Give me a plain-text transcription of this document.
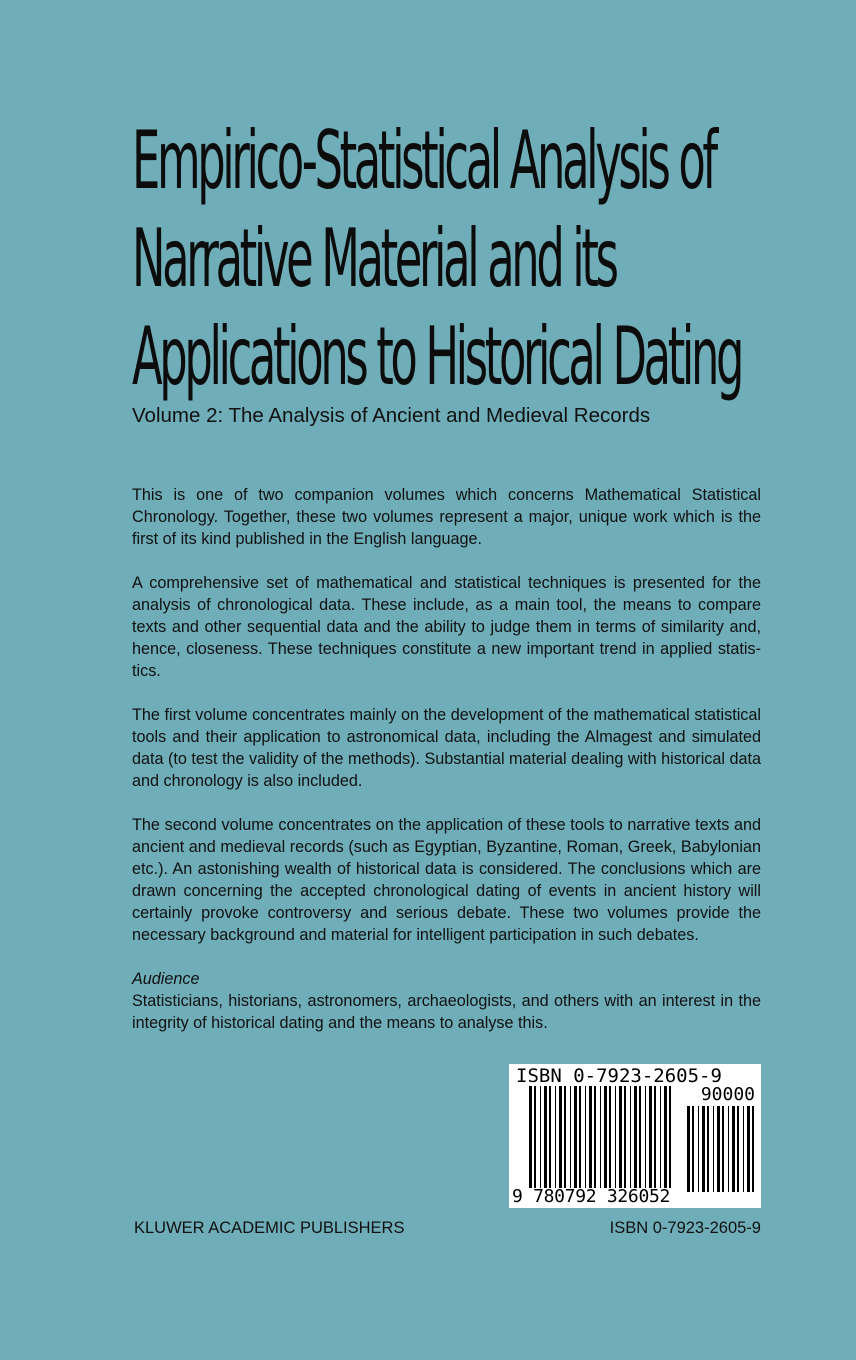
Empirico-Statistical Analysis of
Narrative Material and its
Applications to Historical Dating

Volume 2: The Analysis of Ancient and Medieval Records

This is one of two companion volumes which concerns Mathematical Statistical Chronology. Together, these two volumes represent a major, unique work which is the first of its kind published in the English language.

A comprehensive set of mathematical and statistical techniques is presented for the analysis of chronological data. These include, as a main tool, the means to compare texts and other sequential data and the ability to judge them in terms of similarity and, hence, closeness. These techniques constitute a new important trend in applied statistics.

The first volume concentrates mainly on the development of the mathematical statistical tools and their application to astronomical data, including the Almagest and simulated data (to test the validity of the methods). Substantial material dealing with historical data and chronology is also included.

The second volume concentrates on the application of these tools to narrative texts and ancient and medieval records (such as Egyptian, Byzantine, Roman, Greek, Babylonian etc.). An astonishing wealth of historical data is considered. The conclusions which are drawn concerning the accepted chronological dating of events in ancient history will certainly provoke controversy and serious debate. These two volumes provide the necessary background and material for intelligent participation in such debates.

Audience
Statisticians, historians, astronomers, archaeologists, and others with an interest in the integrity of historical dating and the means to analyse this.

ISBN 0-7923-2605-9
90000
9 780792 326052

KLUWER ACADEMIC PUBLISHERS	ISBN 0-7923-2605-9
